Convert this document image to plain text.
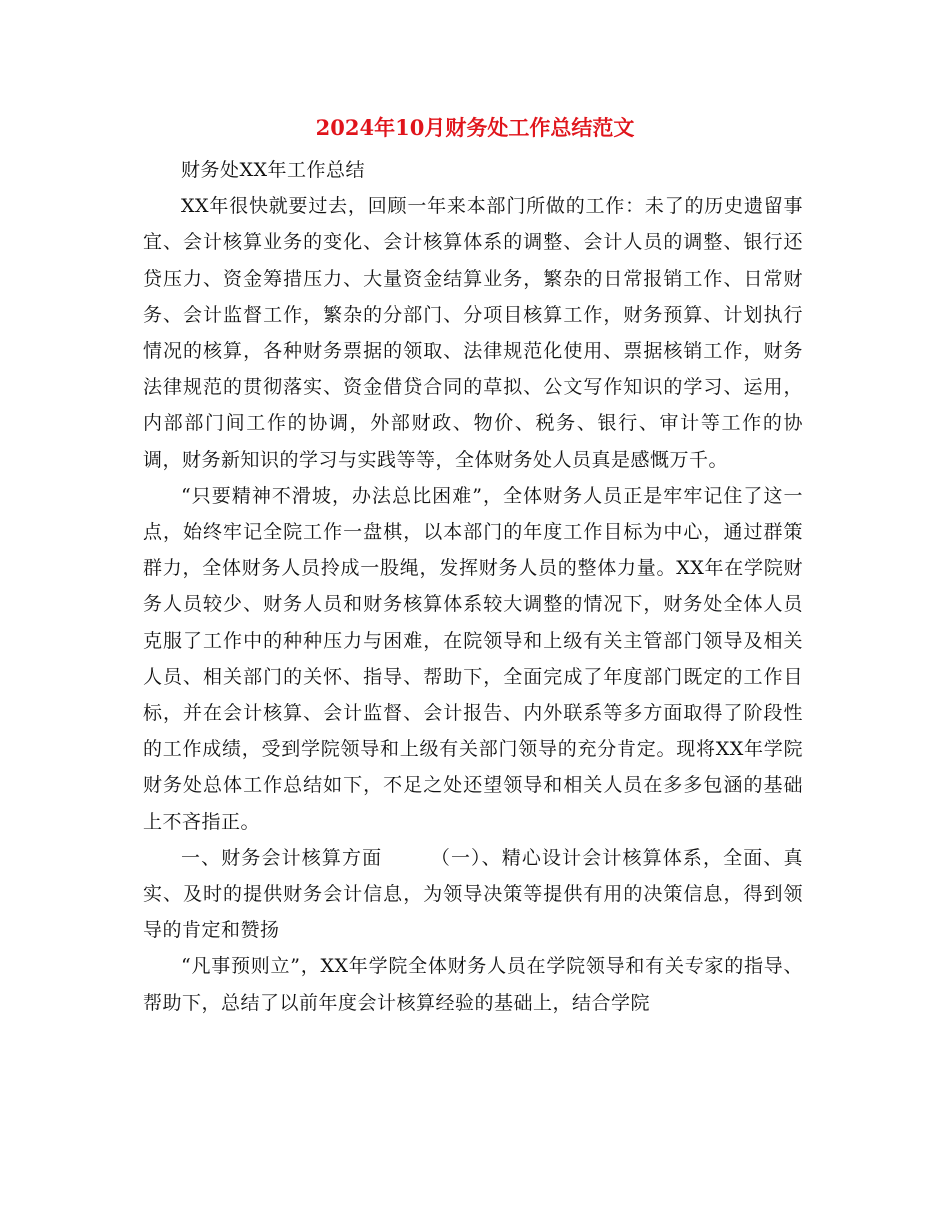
2024年10月财务处工作总结范文

财务处XX年工作总结

XX年很快就要过去，回顾一年来本部门所做的工作：未了的历史遗留事宜、会计核算业务的变化、会计核算体系的调整、会计人员的调整、银行还贷压力、资金筹措压力、大量资金结算业务，繁杂的日常报销工作、日常财务、会计监督工作，繁杂的分部门、分项目核算工作，财务预算、计划执行情况的核算，各种财务票据的领取、法律规范化使用、票据核销工作，财务法律规范的贯彻落实、资金借贷合同的草拟、公文写作知识的学习、运用，内部部门间工作的协调，外部财政、物价、税务、银行、审计等工作的协调，财务新知识的学习与实践等等，全体财务处人员真是感慨万千。

“只要精神不滑坡，办法总比困难”，全体财务人员正是牢牢记住了这一点，始终牢记全院工作一盘棋，以本部门的年度工作目标为中心，通过群策群力，全体财务人员拎成一股绳，发挥财务人员的整体力量。XX年在学院财务人员较少、财务人员和财务核算体系较大调整的情况下，财务处全体人员克服了工作中的种种压力与困难，在院领导和上级有关主管部门领导及相关人员、相关部门的关怀、指导、帮助下，全面完成了年度部门既定的工作目标，并在会计核算、会计监督、会计报告、内外联系等多方面取得了阶段性的工作成绩，受到学院领导和上级有关部门领导的充分肯定。现将XX年学院财务处总体工作总结如下，不足之处还望领导和相关人员在多多包涵的基础上不吝指正。

一、财务会计核算方面	（一）、精心设计会计核算体系，全面、真实、及时的提供财务会计信息，为领导决策等提供有用的决策信息，得到领导的肯定和赞扬

“凡事预则立”，XX年学院全体财务人员在学院领导和有关专家的指导、帮助下，总结了以前年度会计核算经验的基础上，结合学院
